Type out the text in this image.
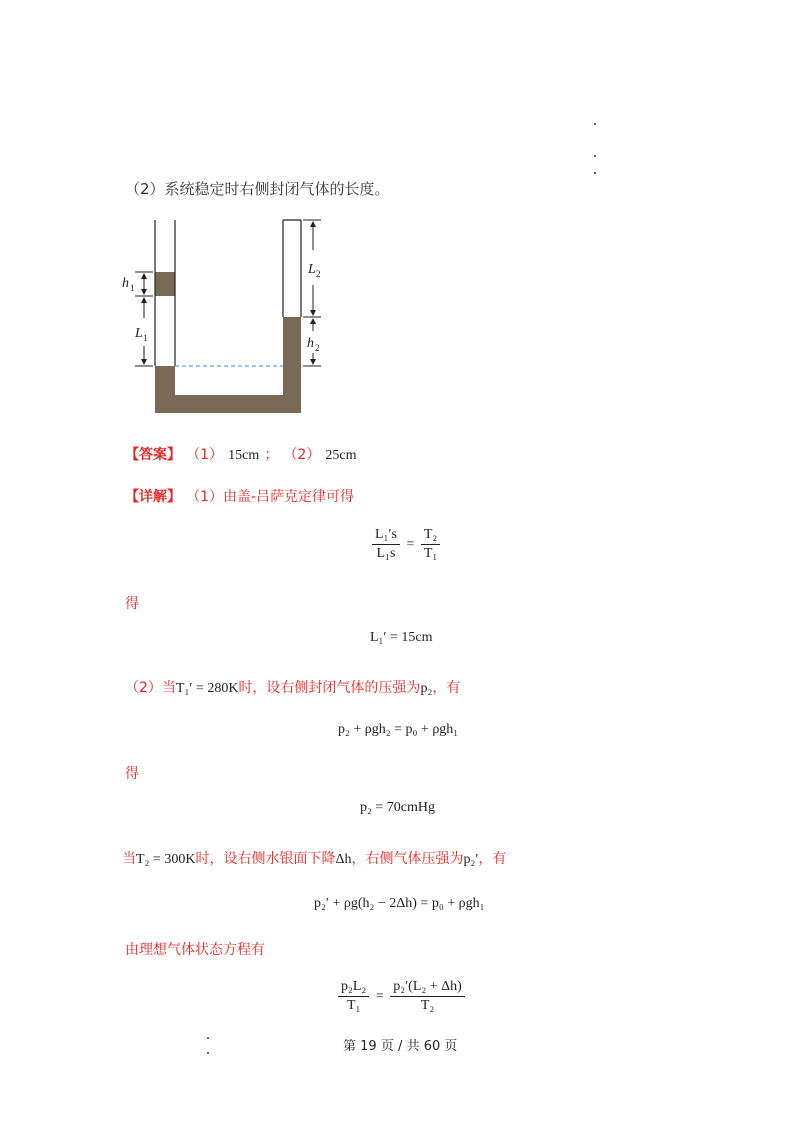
（2）系统稳定时右侧封闭气体的长度。
h 1
L 1
L 2
h 2
【答案】 （1） 15cm ； （2） 25cm
【详解】 （1）由盖-吕萨克定律可得
$\frac{\text{L₁′s}}{\text{L₁s}} = \frac{\text{T₂}}{\text{T₁}}$
得
L₁′ = 15cm
（2）当T₁′ = 280K时，设右侧封闭气体的压强为p₂，有
p₂ + ρgh₂ = p₀ + ρgh₁
得
p₂ = 70cmHg
当T₂ = 300K时，设右侧水银面下降Δh，右侧气体压强为p₂′，有
p₂′ + ρg(h₂ − 2Δh) = p₀ + ρgh₁
由理想气体状态方程有
$\frac{\text{p₂L₂}}{\text{T₁}} = \frac{\text{p₂′(L₂ + Δh)}}{\text{T₂}}$
第 19 页 / 共 60 页
